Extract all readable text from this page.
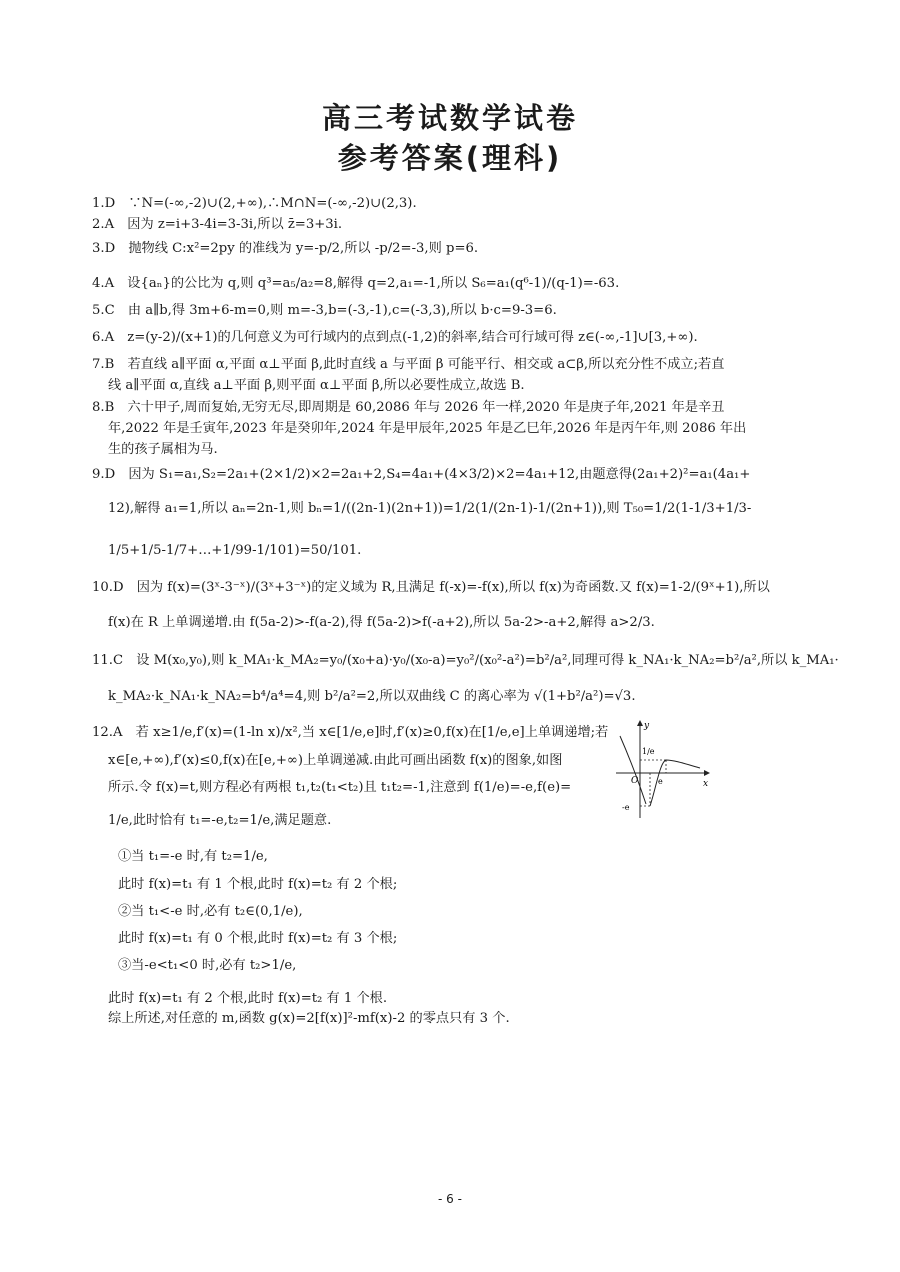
高三考试数学试卷
参考答案(理科)
1.D　∵N=(-∞,-2)∪(2,+∞),∴M∩N=(-∞,-2)∪(2,3).
2.A　因为 z=i+3-4i=3-3i,所以 z̄=3+3i.
3.D　抛物线 C:x²=2py 的准线为 y=-p/2,所以 -p/2=-3,则 p=6.
4.A　设{aₙ}的公比为 q,则 q³=a₅/a₂=8,解得 q=2,a₁=-1,所以 S₆=a₁(q⁶-1)/(q-1)=-63.
5.C　由 a∥b,得 3m+6-m=0,则 m=-3,b=(-3,-1),c=(-3,3),所以 b·c=9-3=6.
6.A　z=(y-2)/(x+1)的几何意义为可行域内的点到点(-1,2)的斜率,结合可行域可得 z∈(-∞,-1]∪[3,+∞).
7.B　若直线 a∥平面 α,平面 α⊥平面 β,此时直线 a 与平面 β 可能平行、相交或 a⊂β,所以充分性不成立;若直
线 a∥平面 α,直线 a⊥平面 β,则平面 α⊥平面 β,所以必要性成立,故选 B.
8.B　六十甲子,周而复始,无穷无尽,即周期是 60,2086 年与 2026 年一样,2020 年是庚子年,2021 年是辛丑
年,2022 年是壬寅年,2023 年是癸卯年,2024 年是甲辰年,2025 年是乙巳年,2026 年是丙午年,则 2086 年出
生的孩子属相为马.
9.D　因为 S₁=a₁,S₂=2a₁+(2×1/2)×2=2a₁+2,S₄=4a₁+(4×3/2)×2=4a₁+12,由题意得(2a₁+2)²=a₁(4a₁+
12),解得 a₁=1,所以 aₙ=2n-1,则 bₙ=1/((2n-1)(2n+1))=1/2(1/(2n-1)-1/(2n+1)),则 T₅₀=1/2(1-1/3+1/3-
1/5+1/5-1/7+…+1/99-1/101)=50/101.
10.D　因为 f(x)=(3ˣ-3⁻ˣ)/(3ˣ+3⁻ˣ)的定义域为 R,且满足 f(-x)=-f(x),所以 f(x)为奇函数.又 f(x)=1-2/(9ˣ+1),所以
f(x)在 R 上单调递增.由 f(5a-2)>-f(a-2),得 f(5a-2)>f(-a+2),所以 5a-2>-a+2,解得 a>2/3.
11.C　设 M(x₀,y₀),则 k_MA₁·k_MA₂=y₀/(x₀+a)·y₀/(x₀-a)=y₀²/(x₀²-a²)=b²/a²,同理可得 k_NA₁·k_NA₂=b²/a²,所以 k_MA₁·
k_MA₂·k_NA₁·k_NA₂=b⁴/a⁴=4,则 b²/a²=2,所以双曲线 C 的离心率为 √(1+b²/a²)=√3.
12.A　若 x≥1/e,f′(x)=(1-ln x)/x²,当 x∈[1/e,e]时,f′(x)≥0,f(x)在[1/e,e]上单调递增;若
x∈[e,+∞),f′(x)≤0,f(x)在[e,+∞)上单调递减.由此可画出函数 f(x)的图象,如图
所示.令 f(x)=t,则方程必有两根 t₁,t₂(t₁<t₂)且 t₁t₂=-1,注意到 f(1/e)=-e,f(e)=
1/e,此时恰有 t₁=-e,t₂=1/e,满足题意.
①当 t₁=-e 时,有 t₂=1/e,
此时 f(x)=t₁ 有 1 个根,此时 f(x)=t₂ 有 2 个根;
②当 t₁<-e 时,必有 t₂∈(0,1/e),
此时 f(x)=t₁ 有 0 个根,此时 f(x)=t₂ 有 3 个根;
③当-e<t₁<0 时,必有 t₂>1/e,
此时 f(x)=t₁ 有 2 个根,此时 f(x)=t₂ 有 1 个根.
综上所述,对任意的 m,函数 g(x)=2[f(x)]²-mf(x)-2 的零点只有 3 个.
y
x
O
1/e
e
-e
- 6 -
